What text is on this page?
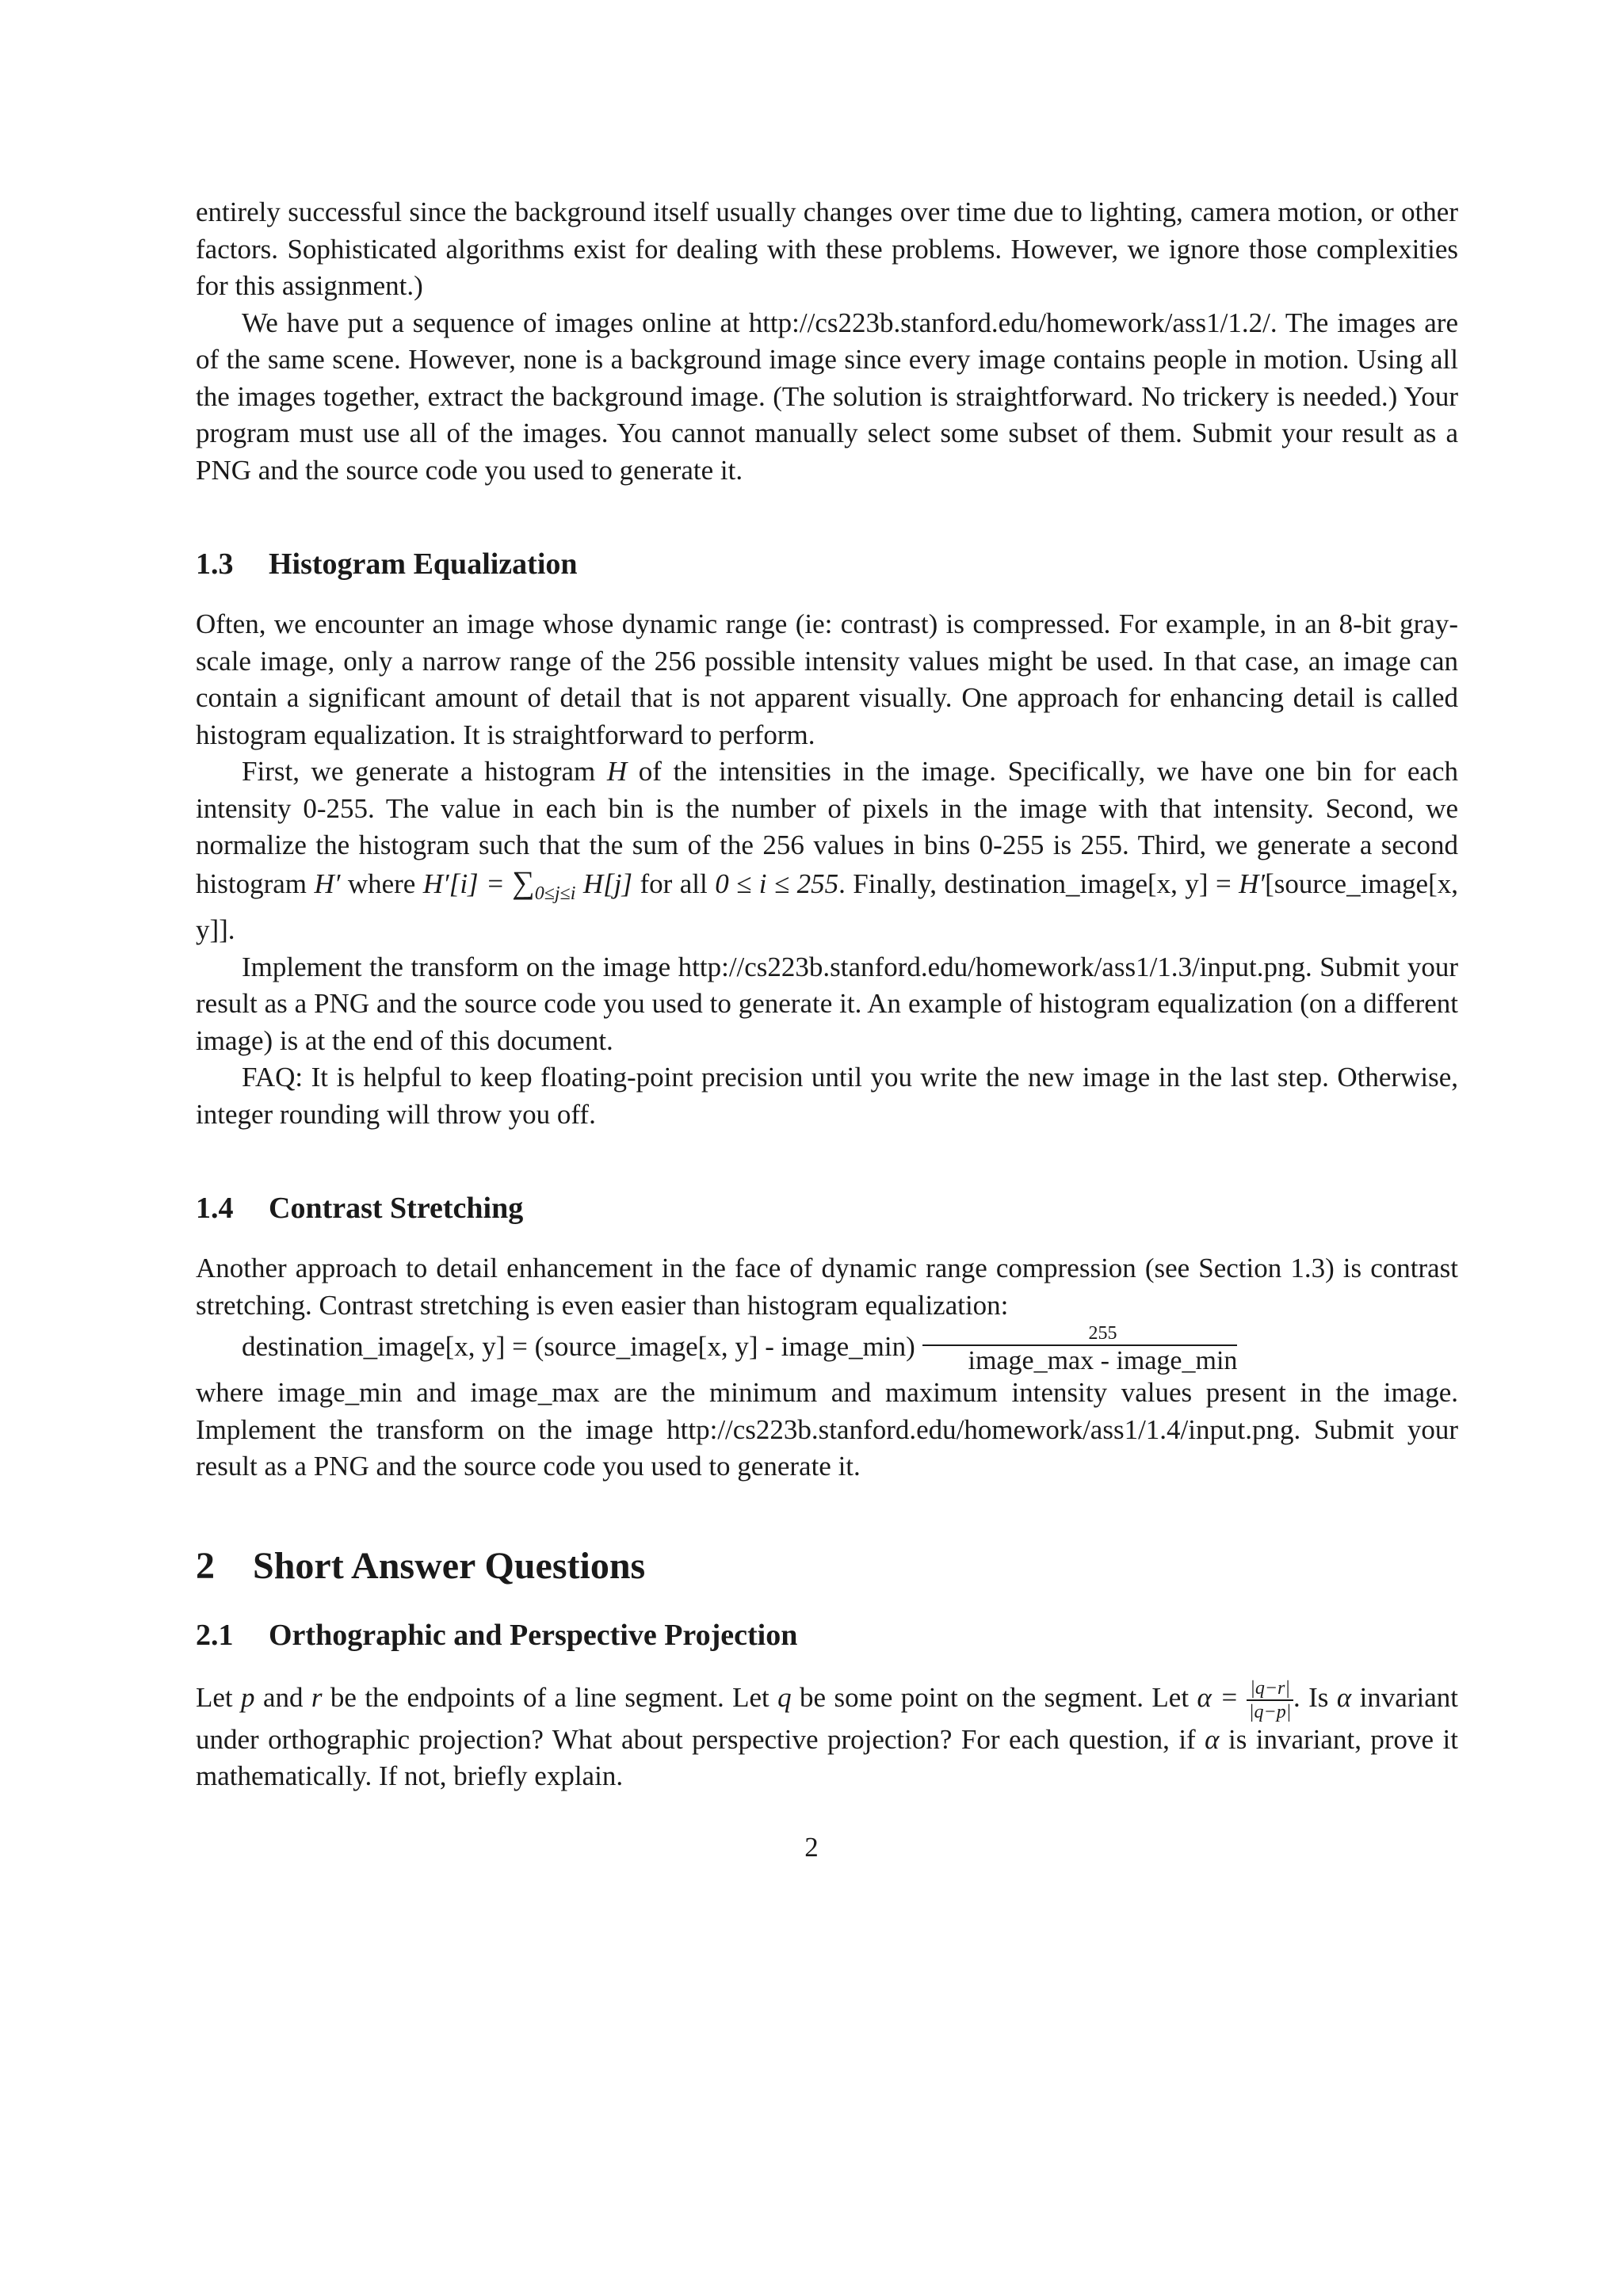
entirely successful since the background itself usually changes over time due to lighting, camera motion, or other factors. Sophisticated algorithms exist for dealing with these problems. However, we ignore those complexities for this assignment.)

We have put a sequence of images online at http://cs223b.stanford.edu/homework/ass1/1.2/. The images are of the same scene. However, none is a background image since every image contains people in motion. Using all the images together, extract the background image. (The solution is straightforward. No trickery is needed.) Your program must use all of the images. You cannot manually select some subset of them. Submit your result as a PNG and the source code you used to generate it.

1.3 Histogram Equalization

Often, we encounter an image whose dynamic range (ie: contrast) is compressed. For example, in an 8-bit gray-scale image, only a narrow range of the 256 possible intensity values might be used. In that case, an image can contain a significant amount of detail that is not apparent visually. One approach for enhancing detail is called histogram equalization. It is straightforward to perform.

First, we generate a histogram H of the intensities in the image. Specifically, we have one bin for each intensity 0-255. The value in each bin is the number of pixels in the image with that intensity. Second, we normalize the histogram such that the sum of the 256 values in bins 0-255 is 255. Third, we generate a second histogram H′ where $H'[i] = \sum_{0\le j\le i}$ H[j] for all 0 ≤ i ≤ 255. Finally, destination_image[x, y] = H′[source_image[x, y]].

Implement the transform on the image http://cs223b.stanford.edu/homework/ass1/1.3/input.png. Submit your result as a PNG and the source code you used to generate it. An example of histogram equalization (on a different image) is at the end of this document.

FAQ: It is helpful to keep floating-point precision until you write the new image in the last step. Otherwise, integer rounding will throw you off.

1.4 Contrast Stretching

Another approach to detail enhancement in the face of dynamic range compression (see Section 1.3) is contrast stretching. Contrast stretching is even easier than histogram equalization:

destination_image[x, y] = (source_image[x, y] - image_min) $\frac{255}{\text{image\_max - image\_min}}$

where image_min and image_max are the minimum and maximum intensity values present in the image. Implement the transform on the image http://cs223b.stanford.edu/homework/ass1/1.4/input.png. Submit your result as a PNG and the source code you used to generate it.

2 Short Answer Questions
2.1 Orthographic and Perspective Projection

Let p and r be the endpoints of a line segment. Let q be some point on the segment. Let $\alpha = \frac{|q-r|}{|q-p|}$ . Is α invariant under orthographic projection? What about perspective projection? For each question, if α is invariant, prove it mathematically. If not, briefly explain.

2
